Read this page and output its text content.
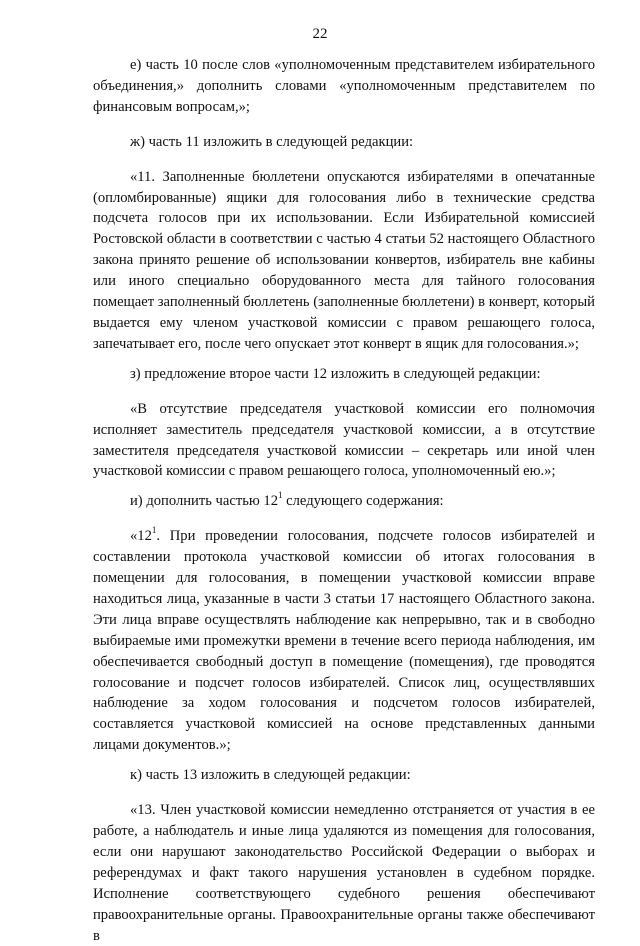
22

е) часть 10 после слов «уполномоченным представителем избирательного объединения,» дополнить словами «уполномоченным представителем по финансовым вопросам,»;

ж) часть 11 изложить в следующей редакции:

«11. Заполненные бюллетени опускаются избирателями в опечатанные (опломбированные) ящики для голосования либо в технические средства подсчета голосов при их использовании. Если Избирательной комиссией Ростовской области в соответствии с частью 4 статьи 52 настоящего Областного закона принято решение об использовании конвертов, избиратель вне кабины или иного специально оборудованного места для тайного голосования помещает заполненный бюллетень (заполненные бюллетени) в конверт, который выдается ему членом участковой комиссии с правом решающего голоса, запечатывает его, после чего опускает этот конверт в ящик для голосования.»;

з) предложение второе части 12 изложить в следующей редакции:

«В отсутствие председателя участковой комиссии его полномочия исполняет заместитель председателя участковой комиссии, а в отсутствие заместителя председателя участковой комиссии – секретарь или иной член участковой комиссии с правом решающего голоса, уполномоченный ею.»;

и) дополнить частью $12^1$ следующего содержания:

«$12^1$. При проведении голосования, подсчете голосов избирателей и составлении протокола участковой комиссии об итогах голосования в помещении для голосования, в помещении участковой комиссии вправе находиться лица, указанные в части 3 статьи 17 настоящего Областного закона. Эти лица вправе осуществлять наблюдение как непрерывно, так и в свободно выбираемые ими промежутки времени в течение всего периода наблюдения, им обеспечивается свободный доступ в помещение (помещения), где проводятся голосование и подсчет голосов избирателей. Список лиц, осуществлявших наблюдение за ходом голосования и подсчетом голосов избирателей, составляется участковой комиссией на основе представленных данными лицами документов.»;

к) часть 13 изложить в следующей редакции:

«13. Член участковой комиссии немедленно отстраняется от участия в ее работе, а наблюдатель и иные лица удаляются из помещения для голосования, если они нарушают законодательство Российской Федерации о выборах и референдумах и факт такого нарушения установлен в судебном порядке. Исполнение соответствующего судебного решения обеспечивают правоохранительные органы. Правоохранительные органы также обеспечивают в
